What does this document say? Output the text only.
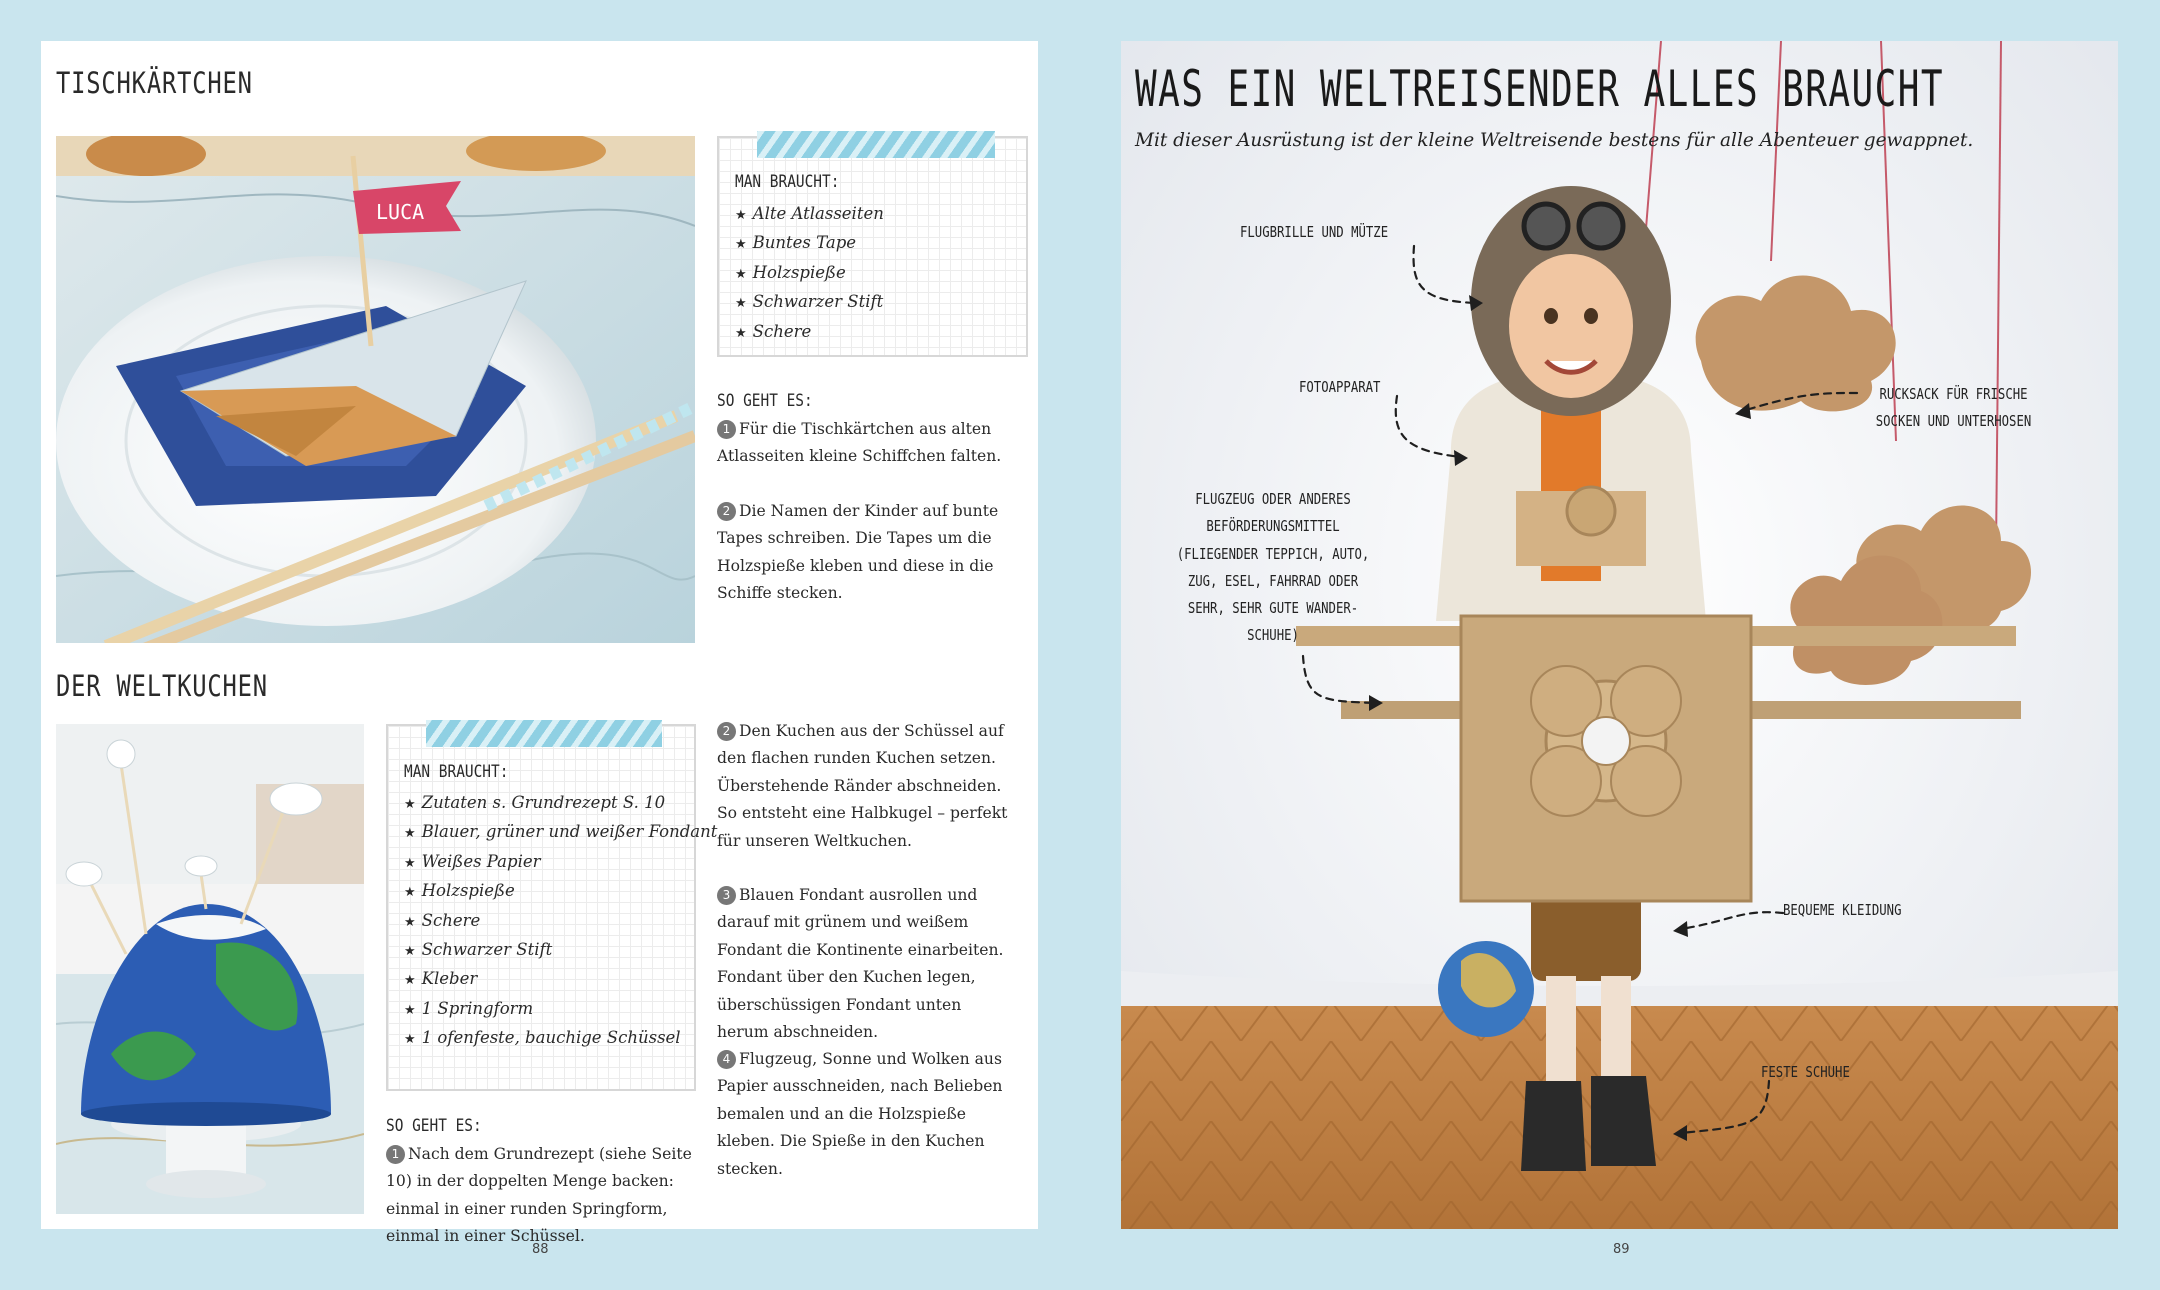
TISCHKÄRTCHEN
LUCA
MAN BRAUCHT:
★ Alte Atlasseiten
★ Buntes Tape
★ Holzspieße
★ Schwarzer Stift
★ Schere
SO GEHT ES:
1 Für die Tischkärtchen aus alten Atlasseiten kleine Schiffchen falten.
2 Die Namen der Kinder auf bunte Tapes schreiben. Die Tapes um die Holzspieße kleben und diese in die Schiffe stecken.
DER WELTKUCHEN
MAN BRAUCHT:
★ Zutaten s. Grundrezept S. 10
★ Blauer, grüner und weißer Fondant
★ Weißes Papier
★ Holzspieße
★ Schere
★ Schwarzer Stift
★ Kleber
★ 1 Springform
★ 1 ofenfeste, bauchige Schüssel
SO GEHT ES:
1 Nach dem Grundrezept (siehe Seite 10) in der doppelten Menge backen: einmal in einer runden Springform, einmal in einer Schüssel.
2 Den Kuchen aus der Schüssel auf den flachen runden Kuchen setzen. Überstehende Ränder abschneiden. So entsteht eine Halbkugel – perfekt für unseren Weltkuchen.
3 Blauen Fondant ausrollen und darauf mit grünem und weißem Fondant die Kontinente einarbeiten. Fondant über den Kuchen legen, überschüssigen Fondant unten herum abschneiden.
4 Flugzeug, Sonne und Wolken aus Papier ausschneiden, nach Belieben bemalen und an die Holzspieße kleben. Die Spieße in den Kuchen stecken.
88
WAS EIN WELTREISENDER ALLES BRAUCHT
Mit dieser Ausrüstung ist der kleine Weltreisende bestens für alle Abenteuer gewappnet.
FLUGBRILLE UND MÜTZE
FOTOAPPARAT
FLUGZEUG ODER ANDERES
BEFÖRDERUNGSMITTEL
(FLIEGENDER TEPPICH, AUTO,
ZUG, ESEL, FAHRRAD ODER
SEHR, SEHR GUTE WANDER-
SCHUHE)
RUCKSACK FÜR FRISCHE
SOCKEN UND UNTERHOSEN
BEQUEME KLEIDUNG
FESTE SCHUHE
89
